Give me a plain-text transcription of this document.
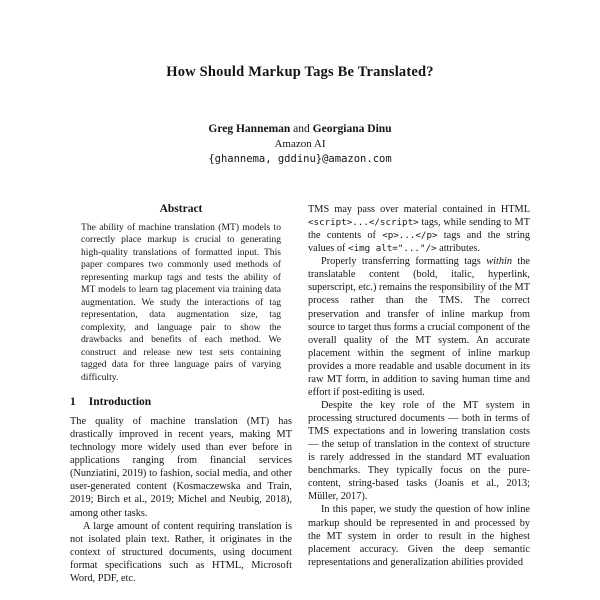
How Should Markup Tags Be Translated?
Greg Hanneman and Georgiana Dinu
Amazon AI
{ghannema, gddinu}@amazon.com
Abstract

The ability of machine translation (MT) models to correctly place markup is crucial to generating high-quality translations of formatted input. This paper compares two commonly used methods of representing markup tags and tests the ability of MT models to learn tag placement via training data augmentation. We study the interactions of tag representation, data augmentation size, tag complexity, and language pair to show the drawbacks and benefits of each method. We construct and release new test sets containing tagged data for three language pairs of varying difficulty.

1 Introduction

The quality of machine translation (MT) has drastically improved in recent years, making MT technology more widely used than ever before in applications ranging from financial services (Nunziatini, 2019) to fashion, social media, and other user-generated content (Kosmaczewska and Train, 2019; Birch et al., 2019; Michel and Neubig, 2018), among other tasks.

A large amount of content requiring translation is not isolated plain text. Rather, it originates in the context of structured documents, using document format specifications such as HTML, Microsoft Word, PDF, etc.

TMS may pass over material contained in HTML <script>...</script> tags, while sending to MT the contents of <p>...</p> tags and the string values of <img alt="..."/> attributes.

Properly transferring formatting tags within the translatable content (bold, italic, hyperlink, superscript, etc.) remains the responsibility of the MT process rather than the TMS. The correct preservation and transfer of inline markup from source to target thus forms a crucial component of the overall quality of the MT system. An accurate placement within the segment of inline markup provides a more readable and usable document in its raw MT form, in addition to saving human time and effort if post-editing is used.

Despite the key role of the MT system in processing structured documents — both in terms of TMS expectations and in lowering translation costs — the setup of translation in the context of structure is rarely addressed in the standard MT evaluation benchmarks. They typically focus on the pure-content, string-based tasks (Joanis et al., 2013; Müller, 2017).

In this paper, we study the question of how inline markup should be represented in and processed by the MT system in order to result in the highest placement accuracy. Given the deep semantic representations and generalization abilities provided
